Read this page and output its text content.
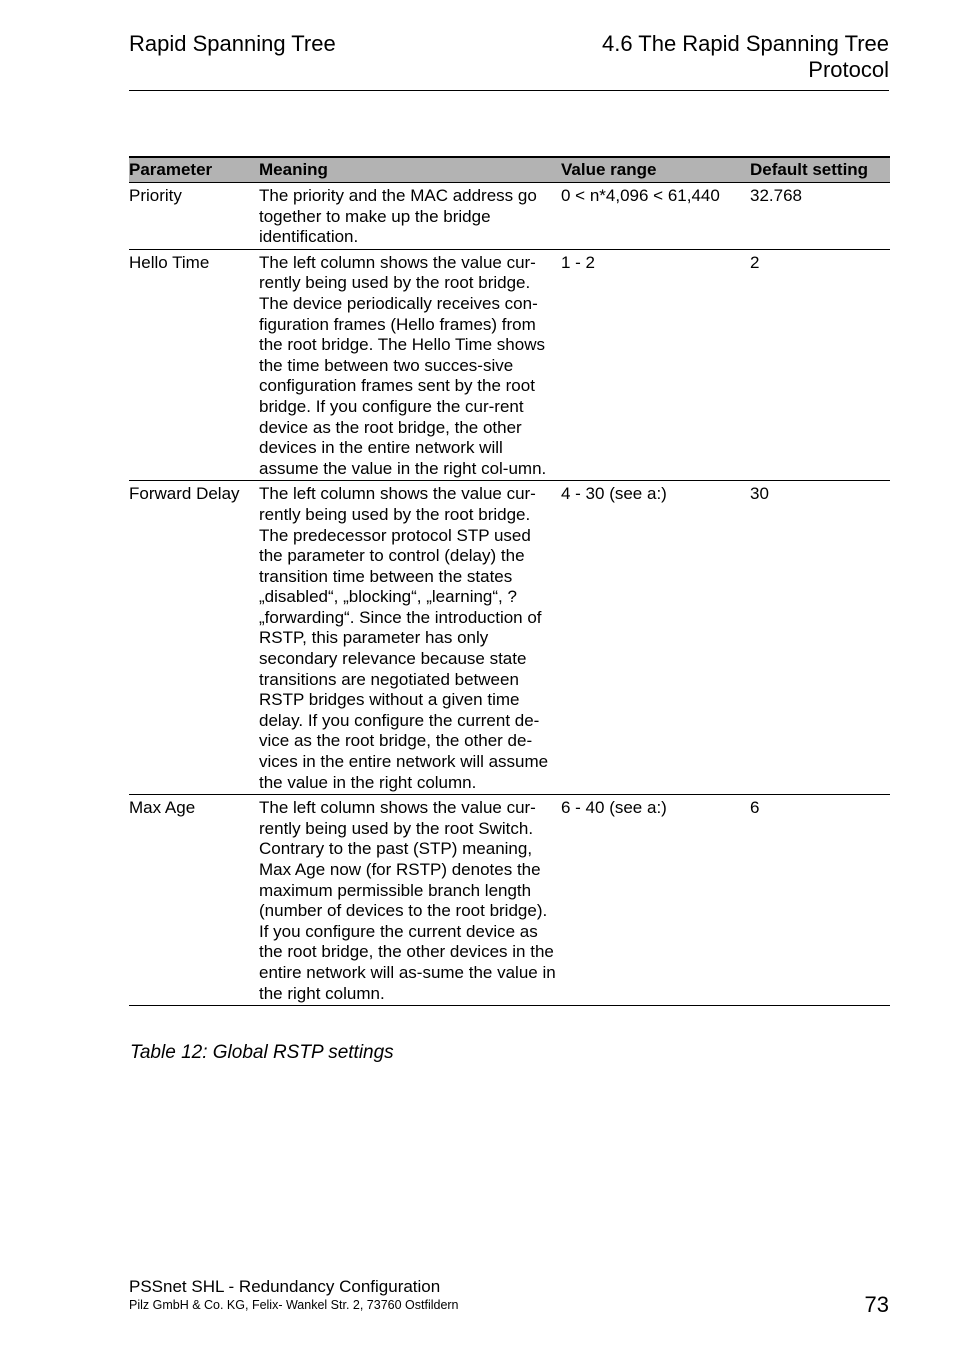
Rapid Spanning Tree	4.6 The Rapid Spanning Tree
Protocol
Parameter	Meaning	Value range	Default setting
Priority	The priority and the MAC address go together to make up the bridge identification.	0 < n*4,096 < 61,440	32.768
Hello Time	The left column shows the value cur-rently being used by the root bridge. The device periodically receives con-figuration frames (Hello frames) from the root bridge. The Hello Time shows the time between two succes-sive configuration frames sent by the root bridge. If you configure the cur-rent device as the root bridge, the other devices in the entire network will assume the value in the right col-umn.	1 - 2	2
Forward Delay	The left column shows the value cur-rently being used by the root bridge. The predecessor protocol STP used the parameter to control (delay) the transition time between the states „disabled“, „blocking“, „learning“, ?„forwarding“. Since the introduction of RSTP, this parameter has only secondary relevance because state transitions are negotiated between RSTP bridges without a given time delay. If you configure the current de-vice as the root bridge, the other de-vices in the entire network will assume the value in the right column.	4 - 30 (see a:)	30
Max Age	The left column shows the value cur-rently being used by the root Switch. Contrary to the past (STP) meaning, Max Age now (for RSTP) denotes the maximum permissible branch length (number of devices to the root bridge). If you configure the current device as the root bridge, the other devices in the entire network will as-sume the value in the right column.	6 - 40 (see a:)	6
Table 12: Global RSTP settings
PSSnet SHL - Redundancy Configuration
Pilz GmbH & Co. KG, Felix- Wankel Str. 2, 73760 Ostfildern	73
